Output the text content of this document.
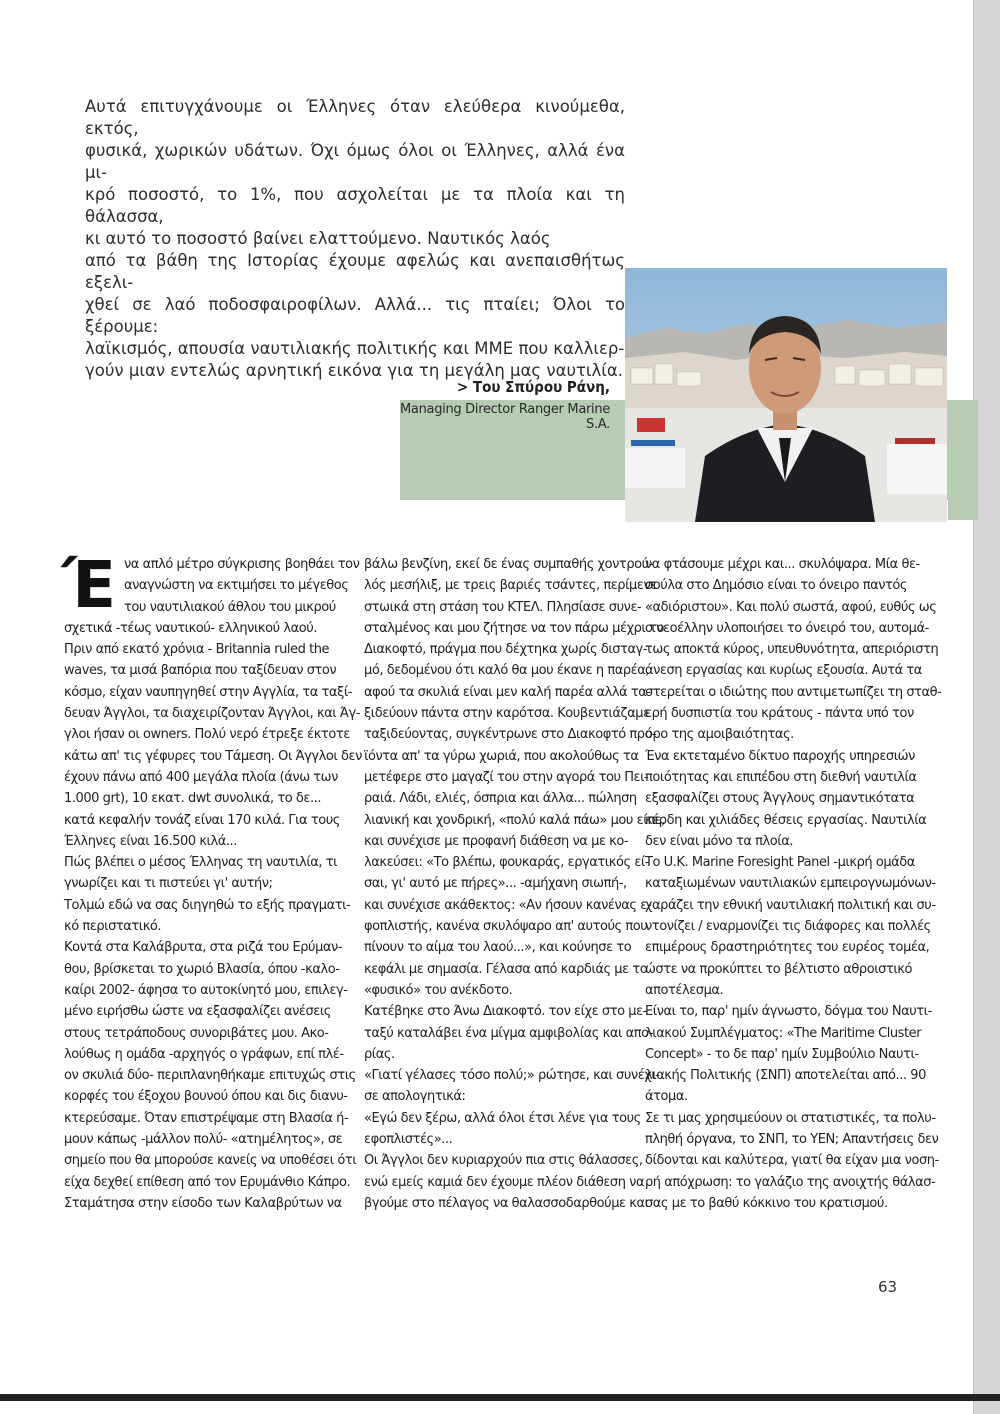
Αυτά επιτυγχάνουμε οι Έλληνες όταν ελεύθερα κινούμεθα, εκτός,
φυσικά, χωρικών υδάτων. Όχι όμως όλοι οι Έλληνες, αλλά ένα μι-
κρό ποσοστό, το 1%, που ασχολείται με τα πλοία και τη θάλασσα,
κι αυτό το ποσοστό βαίνει ελαττούμενο. Ναυτικός λαός
από τα βάθη της Ιστορίας έχουμε αφελώς και ανεπαισθήτως εξελι-
χθεί σε λαό ποδοσφαιροφίλων. Αλλά... τις πταίει; Όλοι το ξέρουμε:
λαϊκισμός, απουσία ναυτιλιακής πολιτικής και ΜΜΕ που καλλιερ-
γούν μιαν εντελώς αρνητική εικόνα για τη μεγάλη μας ναυτιλία.
> Του Σπύρου Ράνη,
Managing Director Ranger Marine S.A.
Έ να απλό μέτρο σύγκρισης βοηθάει τον
αναγνώστη να εκτιμήσει το μέγεθος
του ναυτιλιακού άθλου του μικρού
σχετικά -τέως ναυτικού- ελληνικού λαού.
Πριν από εκατό χρόνια - Britannia ruled the
waves, τα μισά βαπόρια που ταξίδευαν στον
κόσμο, είχαν ναυπηγηθεί στην Αγγλία, τα ταξί-
δευαν Άγγλοι, τα διαχειρίζονταν Άγγλοι, και Άγ-
γλοι ήσαν οι owners. Πολύ νερό έτρεξε έκτοτε
κάτω απ' τις γέφυρες του Τάμεση. Οι Άγγλοι δεν
έχουν πάνω από 400 μεγάλα πλοία (άνω των
1.000 grt), 10 εκατ. dwt συνολικά, το δε...
κατά κεφαλήν τονάζ είναι 170 κιλά. Για τους
Έλληνες είναι 16.500 κιλά...
Πώς βλέπει ο μέσος Έλληνας τη ναυτιλία, τι
γνωρίζει και τι πιστεύει γι' αυτήν;
Τολμώ εδώ να σας διηγηθώ το εξής πραγματι-
κό περιστατικό.
Κοντά στα Καλάβρυτα, στα ριζά του Ερύμαν-
θου, βρίσκεται το χωριό Βλασία, όπου -καλο-
καίρι 2002- άφησα το αυτοκίνητό μου, επιλεγ-
μένο ειρήσθω ώστε να εξασφαλίζει ανέσεις
στους τετράποδους συνοριβάτες μου. Ακο-
λούθως η ομάδα -αρχηγός ο γράφων, επί πλέ-
ον σκυλιά δύο- περιπλανηθήκαμε επιτυχώς στις
κορφές του έξοχου βουνού όπου και δις διανυ-
κτερεύσαμε. Όταν επιστρέψαμε στη Βλασία ή-
μουν κάπως -μάλλον πολύ- «ατημέλητος», σε
σημείο που θα μπορούσε κανείς να υποθέσει ότι
είχα δεχθεί επίθεση από τον Ερυμάνθιο Κάπρο.
Σταμάτησα στην είσοδο των Καλαβρύτων να
βάλω βενζίνη, εκεί δε ένας συμπαθής χοντρού-
λός μεσήλιξ, με τρεις βαριές τσάντες, περίμενε
στωικά στη στάση του ΚΤΕΛ. Πλησίασε συνε-
σταλμένος και μου ζήτησε να τον πάρω μέχρι το
Διακοφτό, πράγμα που δέχτηκα χωρίς δισταγ-
μό, δεδομένου ότι καλό θα μου έκανε η παρέα,
αφού τα σκυλιά είναι μεν καλή παρέα αλλά τα-
ξιδεύουν πάντα στην καρότσα. Κουβεντιάζαμε
ταξιδεύοντας, συγκέντρωνε στο Διακοφτό προ-
ϊόντα απ' τα γύρω χωριά, που ακολούθως τα
μετέφερε στο μαγαζί του στην αγορά του Πει-
ραιά. Λάδι, ελιές, όσπρια και άλλα... πώληση
λιανική και χονδρική, «πολύ καλά πάω» μου είπε,
και συνέχισε με προφανή διάθεση να με κο-
λακεύσει: «Το βλέπω, φουκαράς, εργατικός εί-
σαι, γι' αυτό με πήρες»... -αμήχανη σιωπή-,
και συνέχισε ακάθεκτος: «Αν ήσουν κανένας ε-
φοπλιστής, κανένα σκυλόψαρο απ' αυτούς που
πίνουν το αίμα του λαού...», και κούνησε το
κεφάλι με σημασία. Γέλασα από καρδιάς με το
«φυσικό» του ανέκδοτο.
Κατέβηκε στο Άνω Διακοφτό. τον είχε στο με-
ταξύ καταλάβει ένα μίγμα αμφιβολίας και απο-
ρίας.
«Γιατί γέλασες τόσο πολύ;» ρώτησε, και συνέχι-
σε απολογητικά:
«Εγώ δεν ξέρω, αλλά όλοι έτσι λένε για τους
εφοπλιστές»...
Οι Άγγλοι δεν κυριαρχούν πια στις θάλασσες,
ενώ εμείς καμιά δεν έχουμε πλέον διάθεση να
βγούμε στο πέλαγος να θαλασσοδαρθούμε και
να φτάσουμε μέχρι και... σκυλόψαρα. Μία θε-
σούλα στο Δημόσιο είναι το όνειρο παντός
«αδιόριστου». Και πολύ σωστά, αφού, ευθύς ως
ο νεοέλλην υλοποιήσει το όνειρό του, αυτομά-
τως αποκτά κύρος, υπευθυνότητα, απεριόριστη
άνεση εργασίας και κυρίως εξουσία. Αυτά τα
στερείται ο ιδιώτης που αντιμετωπίζει τη σταθ-
ερή δυσπιστία του κράτους - πάντα υπό τον
όρο της αμοιβαιότητας.
Ένα εκτεταμένο δίκτυο παροχής υπηρεσιών
ποιότητας και επιπέδου στη διεθνή ναυτιλία
εξασφαλίζει στους Άγγλους σημαντικότατα
κέρδη και χιλιάδες θέσεις εργασίας. Ναυτιλία
δεν είναι μόνο τα πλοία.
Το U.K. Marine Foresight Panel -μικρή ομάδα
καταξιωμένων ναυτιλιακών εμπειρογνωμόνων-
χαράζει την εθνική ναυτιλιακή πολιτική και συ-
ντονίζει / εναρμονίζει τις διάφορες και πολλές
επιμέρους δραστηριότητες του ευρέος τομέα,
ώστε να προκύπτει το βέλτιστο αθροιστικό
αποτέλεσμα.
Είναι το, παρ' ημίν άγνωστο, δόγμα του Ναυτι-
λιακού Συμπλέγματος: «The Maritime Cluster
Concept» - το δε παρ' ημίν Συμβούλιο Ναυτι-
λιακής Πολιτικής (ΣΝΠ) αποτελείται από... 90
άτομα.
Σε τι μας χρησιμεύουν οι στατιστικές, τα πολυ-
πληθή όργανα, το ΣΝΠ, το ΥΕΝ; Απαντήσεις δεν
δίδονται και καλύτερα, γιατί θα είχαν μια νοση-
ρή απόχρωση: το γαλάζιο της ανοιχτής θάλασ-
σας με το βαθύ κόκκινο του κρατισμού.
63
